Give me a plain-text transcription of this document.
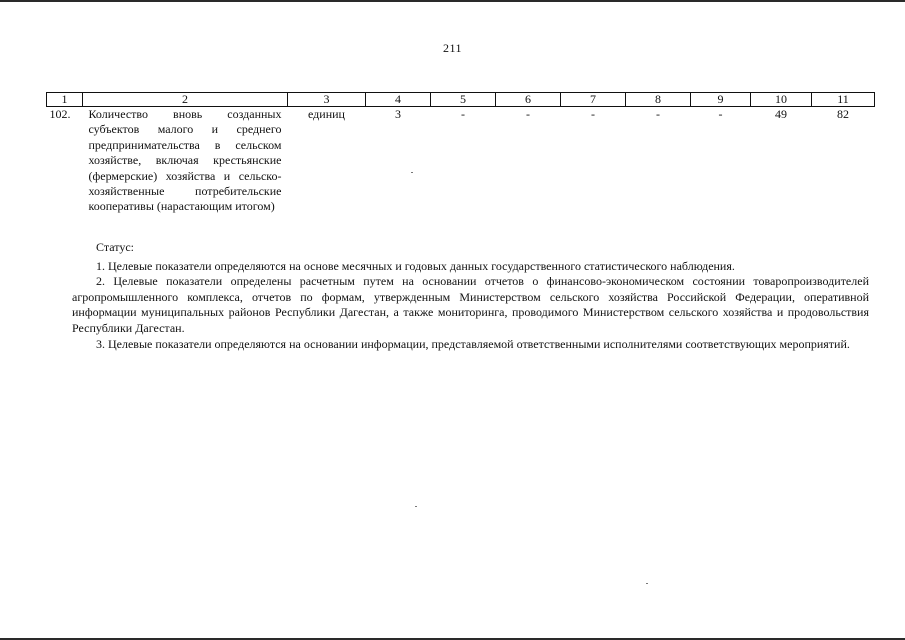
211
1	2	3	4	5	6	7	8	9	10	11
102.	Количество вновь созданных субъектов малого и среднего предпринимательства в сельском хозяйстве, включая крестьянские (фермерские) хозяйства и сельскохозяйственные потребительские кооперативы (нарастающим итогом)	единиц	3	-	-	-	-	-	49	82

Статус:

1. Целевые показатели определяются на основе месячных и годовых данных государственного статистического наблюдения.

2. Целевые показатели определены расчетным путем на основании отчетов о финансово-экономическом состоянии товаропроизводителей агропромышленного комплекса, отчетов по формам, утвержденным Министерством сельского хозяйства Российской Федерации, оперативной информации муниципальных районов Республики Дагестан, а также мониторинга, проводимого Министерством сельского хозяйства и продовольствия Республики Дагестан.

3. Целевые показатели определяются на основании информации, представляемой ответственными исполнителями соответствующих мероприятий.
